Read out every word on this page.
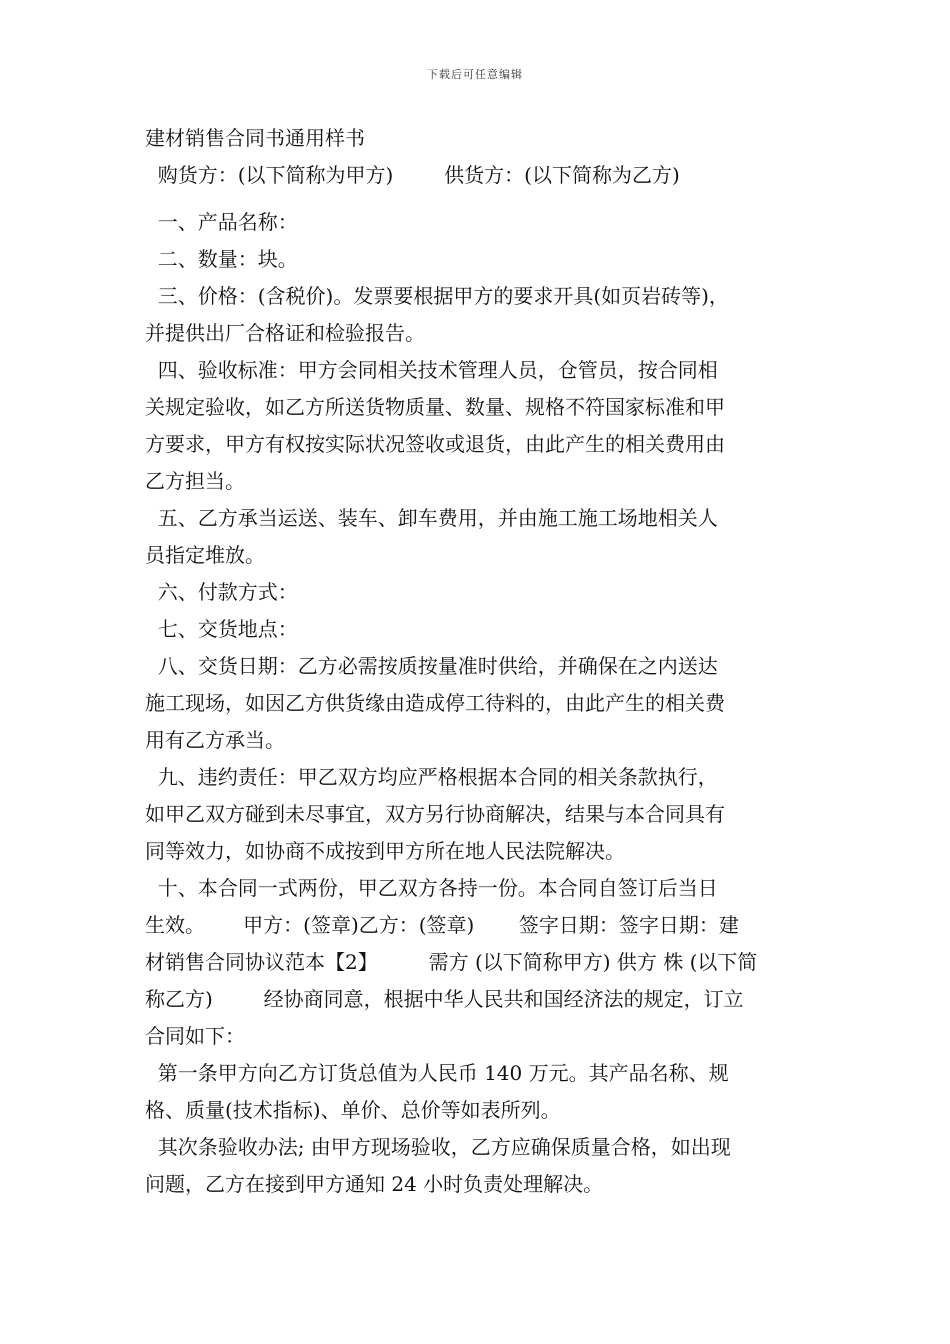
下载后可任意编辑
建材销售合同书通用样书
购货方：(以下简称为甲方)        供货方：(以下简称为乙方)
一、产品名称：
二、数量：块。
三、价格：(含税价)。发票要根据甲方的要求开具(如页岩砖等)，
并提供出厂合格证和检验报告。
四、验收标准：甲方会同相关技术管理人员，仓管员，按合同相
关规定验收，如乙方所送货物质量、数量、规格不符国家标准和甲
方要求，甲方有权按实际状况签收或退货，由此产生的相关费用由
乙方担当。
五、乙方承当运送、装车、卸车费用，并由施工施工场地相关人
员指定堆放。
六、付款方式：
七、交货地点：
八、交货日期：乙方必需按质按量准时供给，并确保在之内送达
施工现场，如因乙方供货缘由造成停工待料的，由此产生的相关费
用有乙方承当。
九、违约责任：甲乙双方均应严格根据本合同的相关条款执行，
如甲乙双方碰到未尽事宜，双方另行协商解决，结果与本合同具有
同等效力，如协商不成按到甲方所在地人民法院解决。
十、本合同一式两份，甲乙双方各持一份。本合同自签订后当日
生效。      甲方：(签章)乙方：(签章)       签字日期：签字日期：建
材销售合同协议范本【2】        需方 (以下简称甲方) 供方 株 (以下简
称乙方)        经协商同意，根据中华人民共和国经济法的规定，订立
合同如下：
第一条甲方向乙方订货总值为人民币 140 万元。其产品名称、规
格、质量(技术指标)、单价、总价等如表所列。
其次条验收办法; 由甲方现场验收，乙方应确保质量合格，如出现
问题，乙方在接到甲方通知 24 小时负责处理解决。
